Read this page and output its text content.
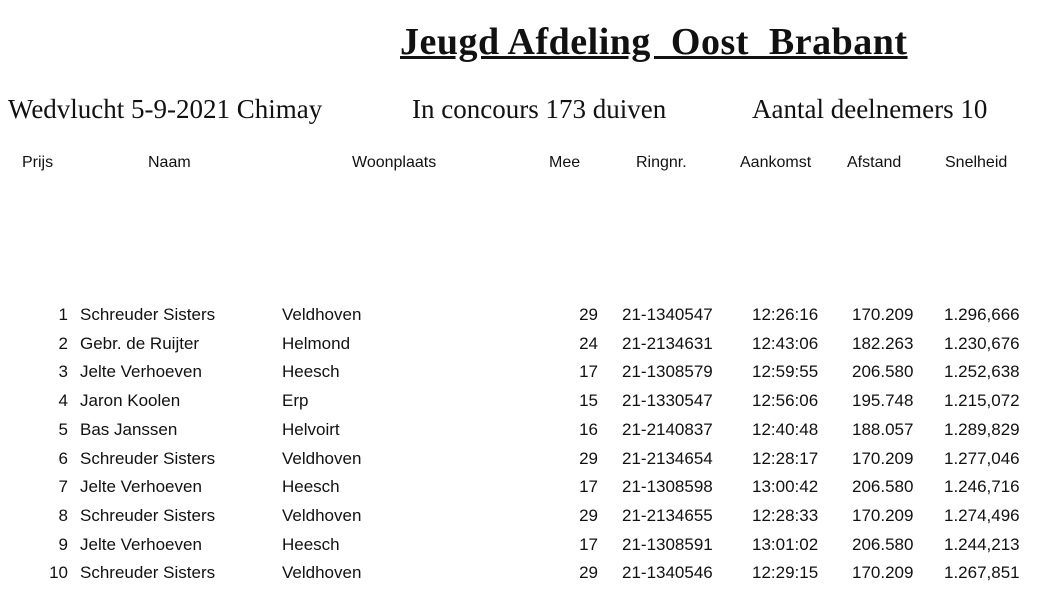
Jeugd Afdeling  Oost  Brabant
Wedvlucht 5-9-2021 Chimay	In concours 173 duiven	Aantal deelnemers 10
Prijs	Naam	Woonplaats	Mee	Ringnr.	Aankomst Afstand	Snelheid
1 Schreuder Sisters	Veldhoven	29 21-1340547 12:26:16 170.209 1.296,666
2 Gebr. de Ruijter	Helmond	24 21-2134631 12:43:06 182.263 1.230,676
3 Jelte Verhoeven	Heesch	17 21-1308579 12:59:55 206.580 1.252,638
4 Jaron Koolen	Erp	15 21-1330547 12:56:06 195.748 1.215,072
5 Bas Janssen	Helvoirt	16 21-2140837 12:40:48 188.057 1.289,829
6 Schreuder Sisters	Veldhoven	29 21-2134654 12:28:17 170.209 1.277,046
7 Jelte Verhoeven	Heesch	17 21-1308598 13:00:42 206.580 1.246,716
8 Schreuder Sisters	Veldhoven	29 21-2134655 12:28:33 170.209 1.274,496
9 Jelte Verhoeven	Heesch	17 21-1308591 13:01:02 206.580 1.244,213
10 Schreuder Sisters	Veldhoven	29 21-1340546 12:29:15 170.209 1.267,851
